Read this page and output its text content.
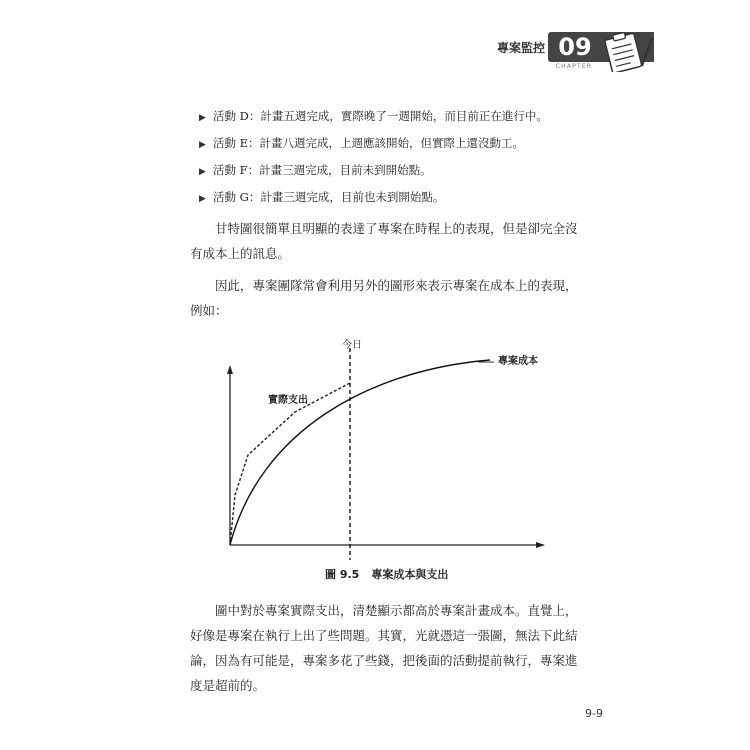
專案監控 09
CHAPTER
▶ 活動 D：計畫五週完成，實際晚了一週開始，而目前正在進行中。
▶ 活動 E：計畫八週完成，上週應該開始，但實際上還沒動工。
▶ 活動 F：計畫三週完成，目前未到開始點。
▶ 活動 G：計畫三週完成，目前也未到開始點。
甘特圖很簡單且明顯的表達了專案在時程上的表現，但是卻完全沒
有成本上的訊息。
因此，專案團隊常會利用另外的圖形來表示專案在成本上的表現，
例如：
今日
專案成本
實際支出
圖 9.5 專案成本與支出
圖中對於專案實際支出，清楚顯示都高於專案計畫成本。直覺上，
好像是專案在執行上出了些問題。其實，光就憑這一張圖，無法下此結
論，因為有可能是，專案多花了些錢，把後面的活動提前執行，專案進
度是超前的。
9-9
